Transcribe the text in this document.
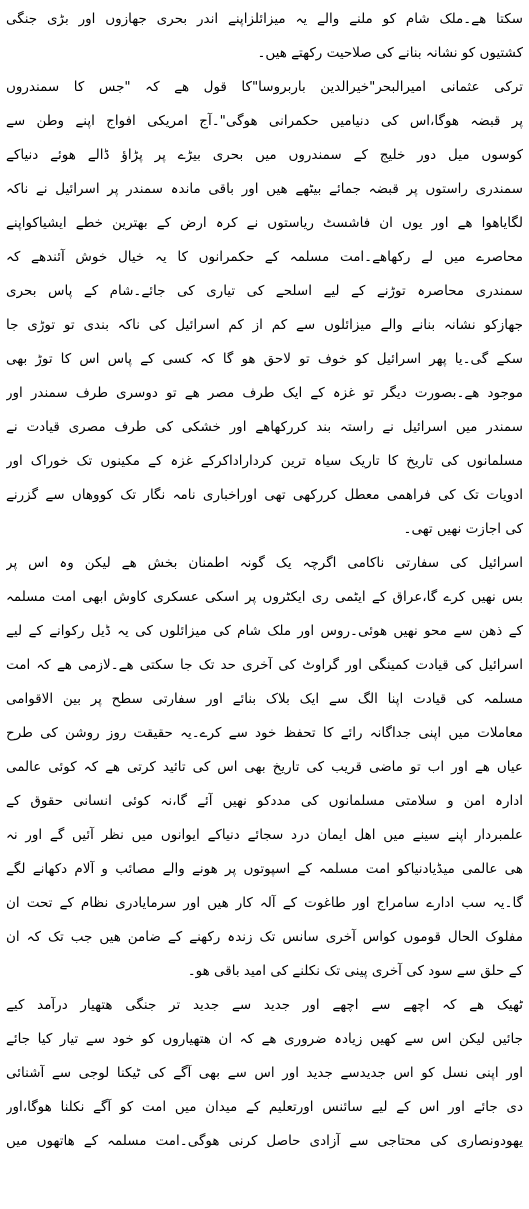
سکتا ھے۔ملک شام کو ملنے والے یہ میزائلزاپنے اندر بحری جھازوں اور بڑی جنگی
کشتیوں کو نشانہ بنانے کی صلاحیت رکھتے ھیں۔
ترکی عثمانی امیرالبحر"خیرالدین باربروسا"کا قول ھے کہ "جس کا سمندروں
پر قبضہ ھوگا،اس کی دنیامیں حکمرانی ھوگی"۔آج امریکی افواج اپنے وطن سے
کوسوں میل دور خلیج کے سمندروں میں بحری بیڑے پر پڑاؤ ڈالے ھوئے دنیاکے
سمندری راستوں پر قبضہ جمائے بیٹھے ھیں اور باقی ماندہ سمندر پر اسرائیل نے ناکہ
لگایاھوا ھے اور یوں ان فاشسٹ ریاستوں نے کرہ ارض کے بھترین خطے ایشیاکواپنے
محاصرے میں لے رکھاھے۔امت مسلمہ کے حکمرانوں کا یہ خیال خوش آئندھے کہ
سمندری محاصرہ توڑنے کے لیے اسلحے کی تیاری کی جائے۔شام کے پاس بحری
جھازکو نشانہ بنانے والے میزائلوں سے کم از کم اسرائیل کی ناکہ بندی تو توڑی جا
سکے گی۔یا پھر اسرائیل کو خوف تو لاحق ھو گا کہ کسی کے پاس اس کا توڑ بھی
موجود ھے۔بصورت دیگر تو غزہ کے ایک طرف مصر ھے تو دوسری طرف سمندر اور
سمندر میں اسرائیل نے راستہ بند کررکھاھے اور خشکی کی طرف مصری قیادت نے
مسلمانوں کی تاریخ کا تاریک سیاہ ترین کرداراداکرکے غزہ کے مکینوں تک خوراک اور
ادویات تک کی فراھمی معطل کررکھی تھی اوراخباری نامہ نگار تک کووھاں سے گزرنے
کی اجازت نھیں تھی۔
اسرائیل کی سفارتی ناکامی اگرچہ یک گونہ اطمنان بخش ھے لیکن وہ اس پر
بس نھیں کرے گا،عراق کے ایٹمی ری ایکٹروں پر اسکی عسکری کاوش ابھی امت مسلمہ
کے ذھن سے محو نھیں ھوئی۔روس اور ملک شام کی میزائلوں کی یہ ڈیل رکوانے کے لیے
اسرائیل کی قیادت کمینگی اور گراوٹ کی آخری حد تک جا سکتی ھے۔لازمی ھے کہ امت
مسلمہ کی قیادت اپنا الگ سے ایک بلاک بنائے اور سفارتی سطح پر بین الاقوامی
معاملات میں اپنی جداگانہ رائے کا تحفظ خود سے کرے۔یہ حقیقت روز روشن کی طرح
عیاں ھے اور اب تو ماضی قریب کی تاریخ بھی اس کی تائید کرتی ھے کہ کوئی عالمی
ادارہ امن و سلامتی مسلمانوں کی مددکو نھیں آئے گا،نہ کوئی انسانی حقوق کے
علمبردار اپنے سینے میں اھل ایمان درد سجائے دنیاکے ایوانوں میں نظر آئیں گے اور نہ
ھی عالمی میڈیادنیاکو امت مسلمہ کے اسپوتوں پر ھونے والے مصائب و آلام دکھانے لگے
گا۔یہ سب ادارے سامراج اور طاغوت کے آلہ کار ھیں اور سرمایادری نظام کے تحت ان
مفلوک الحال قوموں کواس آخری سانس تک زندہ رکھنے کے ضامن ھیں جب تک کہ ان
کے حلق سے سود کی آخری پینی تک نکلنے کی امید باقی ھو۔
ٹھیک ھے کہ اچھے سے اچھے اور جدید سے جدید تر جنگی ھتھیار درآمد کیے
جائیں لیکن اس سے کھیں زیادہ ضروری ھے کہ ان ھتھیاروں کو خود سے تیار کیا جائے
اور اپنی نسل کو اس جدیدسے جدید اور اس سے بھی آگے کی ٹیکنا لوجی سے آشنائی
دی جائے اور اس کے لیے سائنس اورتعلیم کے میدان میں امت کو آگے نکلنا ھوگا،اور
یھودونصاری کی محتاجی سے آزادی حاصل کرنی ھوگی۔امت مسلمہ کے ھاتھوں میں
